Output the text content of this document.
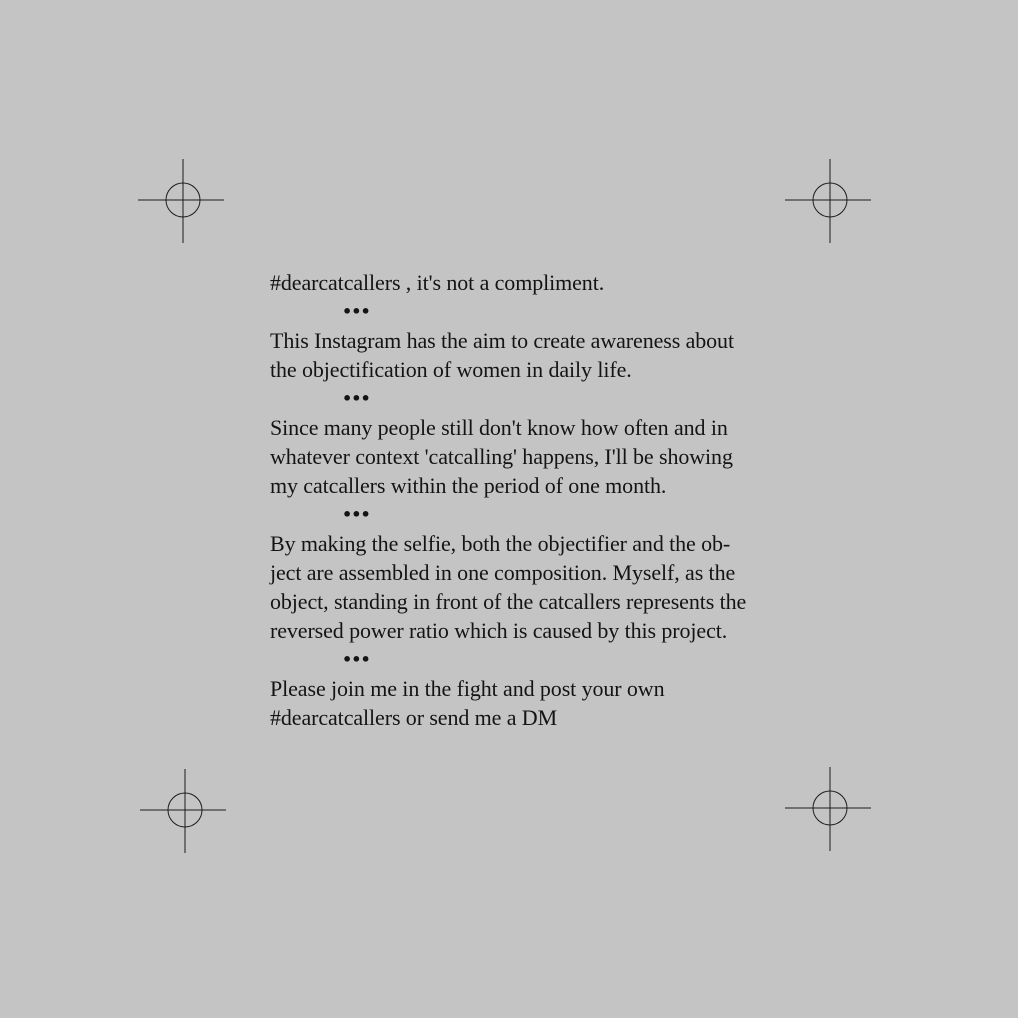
#dearcatcallers , it's not a compliment.
•••
This Instagram has the aim to create awareness about
the objectification of women in daily life.
•••
Since many people still don't know how often and in
whatever context 'catcalling' happens, I'll be showing
my catcallers within the period of one month.
•••
By making the selfie, both the objectifier and the ob-
ject are assembled in one composition. Myself, as the
object, standing in front of the catcallers represents the
reversed power ratio which is caused by this project.
•••
Please join me in the fight and post your own
#dearcatcallers or send me a DM
